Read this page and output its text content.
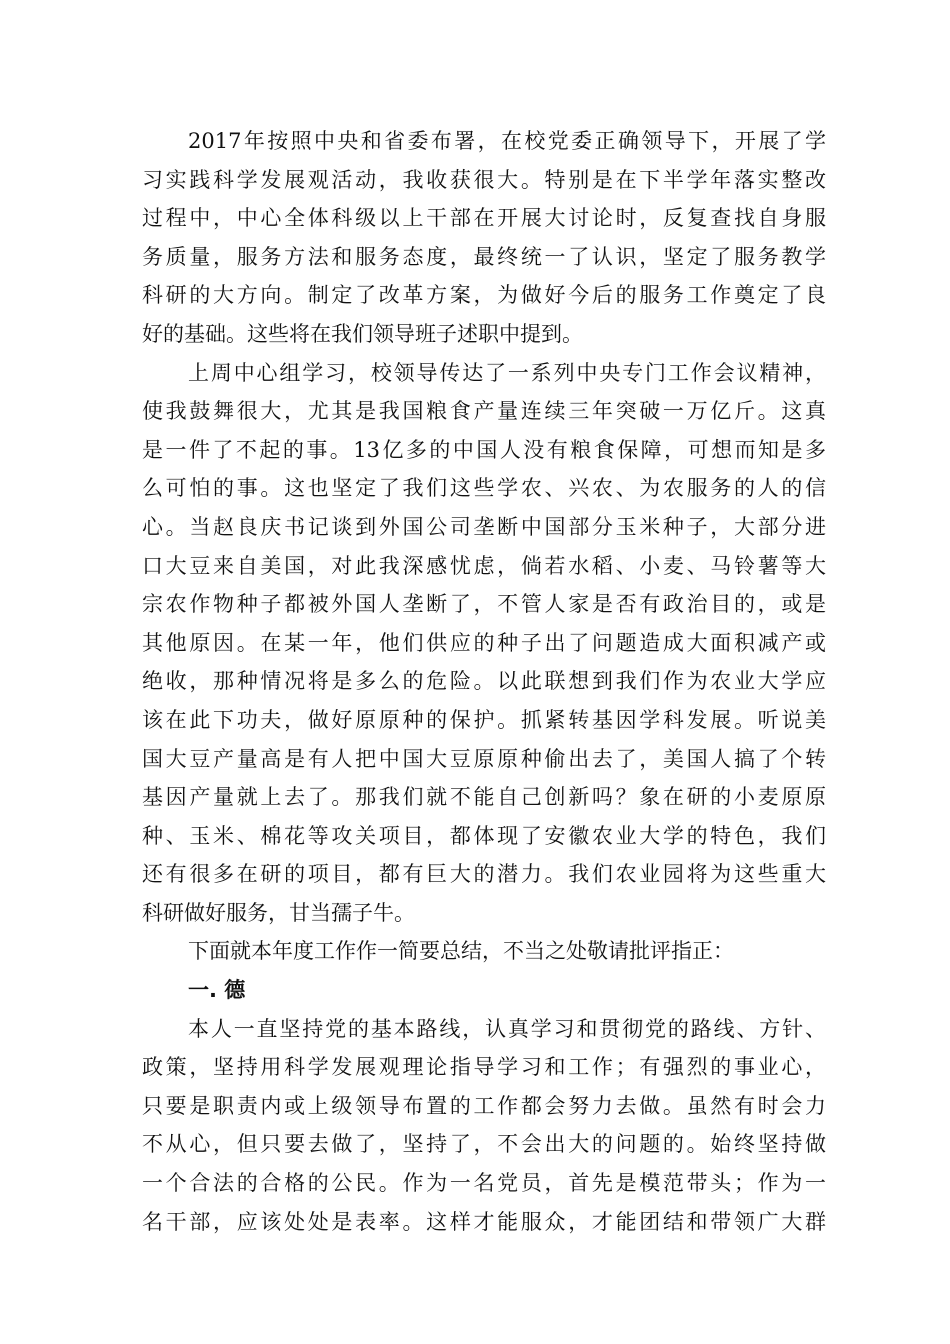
2017年按照中央和省委布署，在校党委正确领导下，开展了学
习实践科学发展观活动，我收获很大。特别是在下半学年落实整改
过程中，中心全体科级以上干部在开展大讨论时，反复查找自身服
务质量，服务方法和服务态度，最终统一了认识，坚定了服务教学
科研的大方向。制定了改革方案，为做好今后的服务工作奠定了良
好的基础。这些将在我们领导班子述职中提到。
上周中心组学习，校领导传达了一系列中央专门工作会议精神，
使我鼓舞很大，尤其是我国粮食产量连续三年突破一万亿斤。这真
是一件了不起的事。13亿多的中国人没有粮食保障，可想而知是多
么可怕的事。这也坚定了我们这些学农、兴农、为农服务的人的信
心。当赵良庆书记谈到外国公司垄断中国部分玉米种子，大部分进
口大豆来自美国，对此我深感忧虑，倘若水稻、小麦、马铃薯等大
宗农作物种子都被外国人垄断了，不管人家是否有政治目的，或是
其他原因。在某一年，他们供应的种子出了问题造成大面积减产或
绝收，那种情况将是多么的危险。以此联想到我们作为农业大学应
该在此下功夫，做好原原种的保护。抓紧转基因学科发展。听说美
国大豆产量高是有人把中国大豆原原种偷出去了，美国人搞了个转
基因产量就上去了。那我们就不能自己创新吗？象在研的小麦原原
种、玉米、棉花等攻关项目，都体现了安徽农业大学的特色，我们
还有很多在研的项目，都有巨大的潜力。我们农业园将为这些重大
科研做好服务，甘当孺子牛。
下面就本年度工作作一简要总结，不当之处敬请批评指正：
一. 德
本人一直坚持党的基本路线，认真学习和贯彻党的路线、方针、
政策，坚持用科学发展观理论指导学习和工作；有强烈的事业心，
只要是职责内或上级领导布置的工作都会努力去做。虽然有时会力
不从心，但只要去做了，坚持了，不会出大的问题的。始终坚持做
一个合法的合格的公民。作为一名党员，首先是模范带头；作为一
名干部，应该处处是表率。这样才能服众，才能团结和带领广大群
